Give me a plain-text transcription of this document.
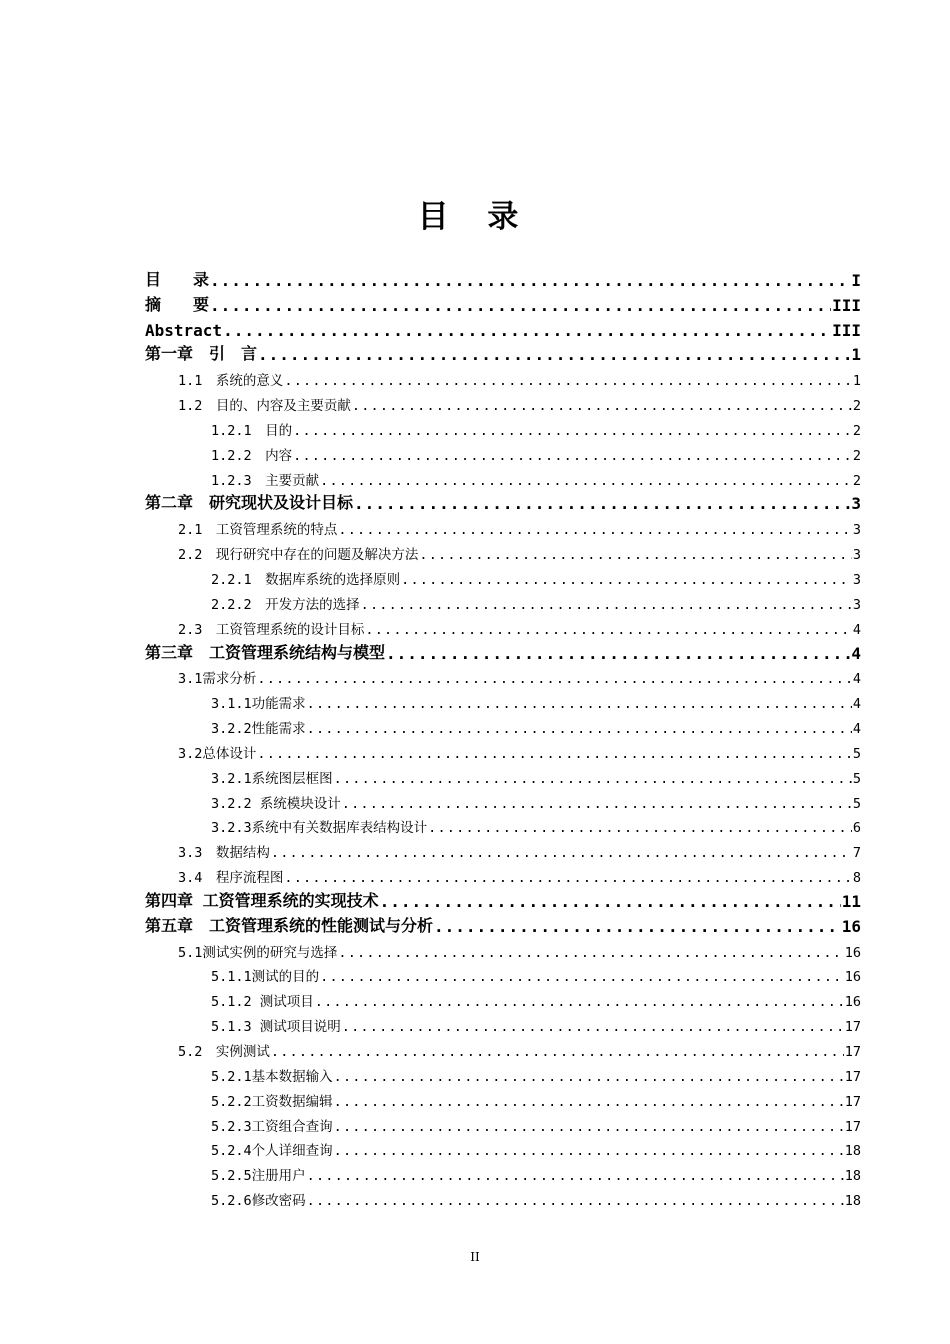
目 录
目　　录 .....	I
摘　　要 .....	III
Abstract .....	III
第一章　引　言 .....	1
1.1　系统的意义 .....	1
1.2　目的、内容及主要贡献 .....	2
1.2.1　目的 .....	2
1.2.2　内容 .....	2
1.2.3　主要贡献 .....	2
第二章　研究现状及设计目标 .....	3
2.1　工资管理系统的特点 .....	3
2.2　现行研究中存在的问题及解决方法 .....	3
2.2.1　数据库系统的选择原则 .....	3
2.2.2　开发方法的选择 .....	3
2.3　工资管理系统的设计目标 .....	4
第三章　工资管理系统结构与模型 .....	4
3.1需求分析 .....	4
3.1.1功能需求 .....	4
3.2.2性能需求 .....	4
3.2总体设计 .....	5
3.2.1系统图层框图 .....	5
3.2.2 系统模块设计 .....	5
3.2.3系统中有关数据库表结构设计 .....	6
3.3　数据结构 .....	7
3.4　程序流程图 .....	8
第四章 工资管理系统的实现技术 .....	11
第五章　工资管理系统的性能测试与分析 .....	16
5.1测试实例的研究与选择 .....	16
5.1.1测试的目的 .....	16
5.1.2 测试项目 .....	16
5.1.3 测试项目说明 .....	17
5.2　实例测试 .....	17
5.2.1基本数据输入 .....	17
5.2.2工资数据编辑 .....	17
5.2.3工资组合查询 .....	17
5.2.4个人详细查询 .....	18
5.2.5注册用户 .....	18
5.2.6修改密码 .....	18
II
